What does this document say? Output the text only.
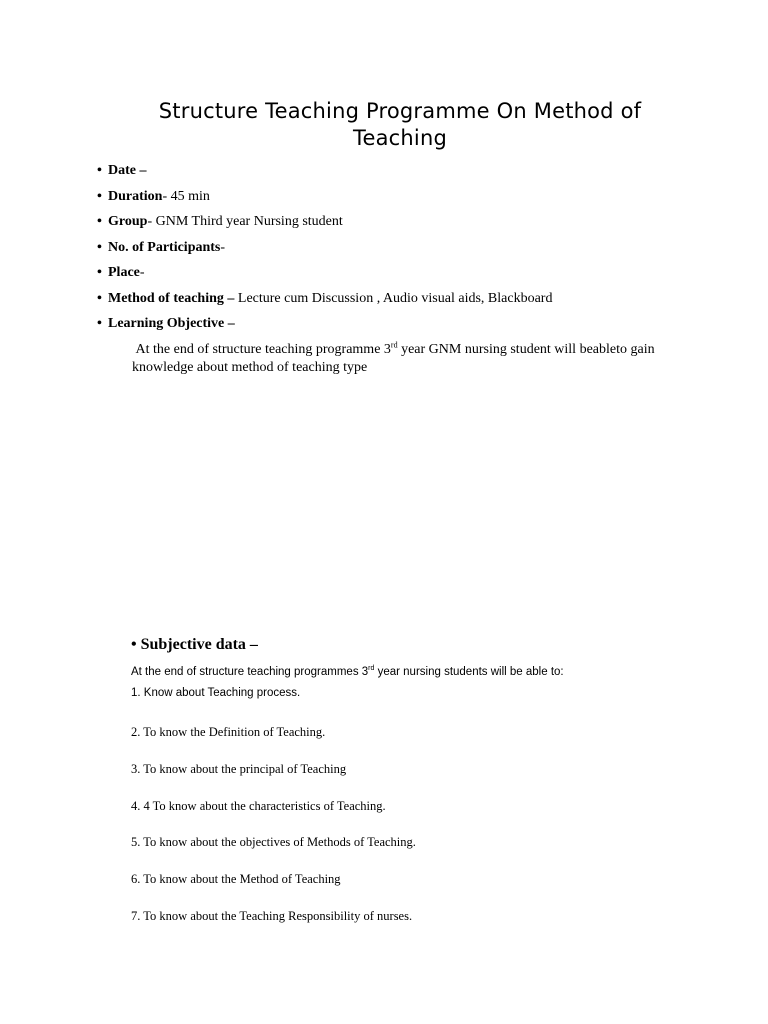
Structure Teaching Programme On Method of Teaching
• Date –
• Duration- 45 min
• Group- GNM Third year Nursing student
• No. of Participants-
• Place-
• Method of teaching – Lecture cum Discussion , Audio visual aids, Blackboard
• Learning Objective –

At the end of structure teaching programme 3rd year GNM nursing student will beableto gain knowledge about method of teaching type

• Subjective data –
At the end of structure teaching programmes 3rd year nursing students will be able to:
1. Know about Teaching process.
2. To know the Definition of Teaching.
3. To know about the principal of Teaching
4. 4 To know about the characteristics of Teaching.
5. To know about the objectives of Methods of Teaching.
6. To know about the Method of Teaching
7. To know about the Teaching Responsibility of nurses.
